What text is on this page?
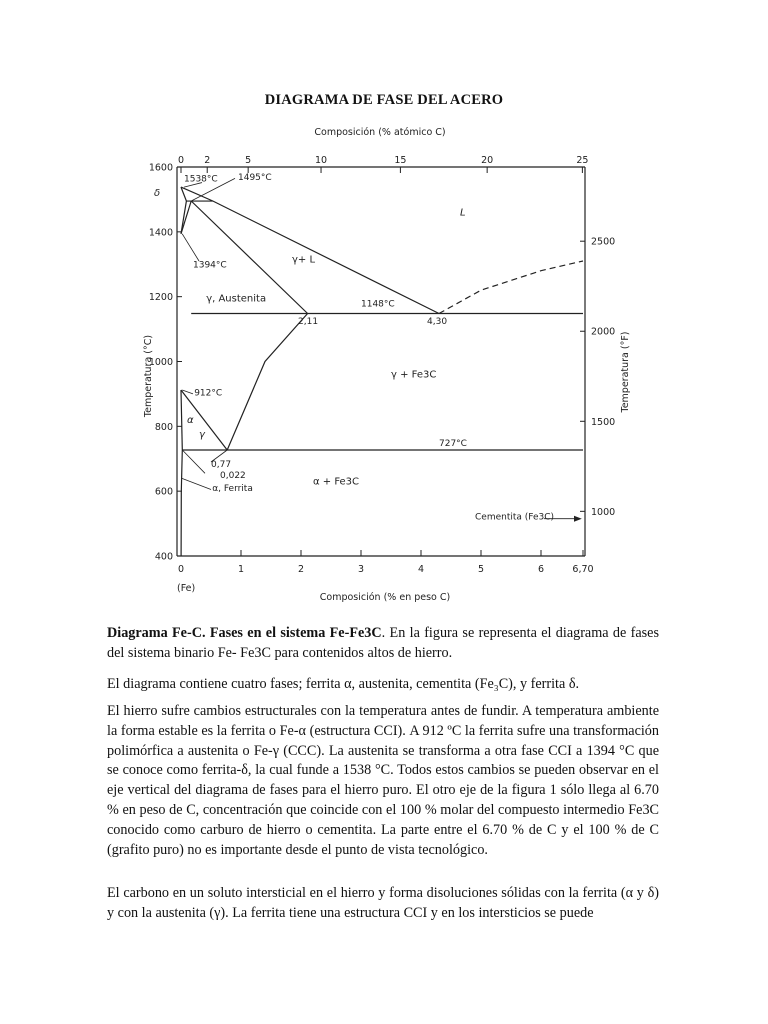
DIAGRAMA DE FASE DEL ACERO
Composición (% atómico C)
Composición (% en peso C)
Temperatura (°C)	Temperatura (°F)
(Fe)
400
600
800
1000
1200
1400
1600
1000
1500
2000
2500
0	1	2	3	4	5	6	6,70
0 2	5	10	15	20	25
L
γ+ L
γ, Austenita
γ + Fe3C
α + Fe3C
δ
α
γ
α, Ferrita
Cementita (Fe3C)
1538°C 1495°C
1394°C
1148°C
912°C
727°C
2,11	4,30
0,77
0,022
Diagrama Fe-C. Fases en el sistema Fe-Fe3C. En la figura se representa el diagrama de fases del sistema binario Fe- Fe3C para contenidos altos de hierro.
El diagrama contiene cuatro fases; ferrita α, austenita, cementita (Fe₃C), y ferrita δ.
El hierro sufre cambios estructurales con la temperatura antes de fundir. A temperatura ambiente la forma estable es la ferrita o Fe-α (estructura CCI). A 912 ºC la ferrita sufre una transformación polimórfica a austenita o Fe-γ (CCC). La austenita se transforma a otra fase CCI a 1394 °C que se conoce como ferrita-δ, la cual funde a 1538 °C. Todos estos cambios se pueden observar en el eje vertical del diagrama de fases para el hierro puro. El otro eje de la figura 1 sólo llega al 6.70 % en peso de C, concentración que coincide con el 100 % molar del compuesto intermedio Fe3C conocido como carburo de hierro o cementita. La parte entre el 6.70 % de C y el 100 % de C (grafito puro) no es importante desde el punto de vista tecnológico.
El carbono en un soluto intersticial en el hierro y forma disoluciones sólidas con la ferrita (α y δ) y con la austenita (γ). La ferrita tiene una estructura CCI y en los intersticios se puede
